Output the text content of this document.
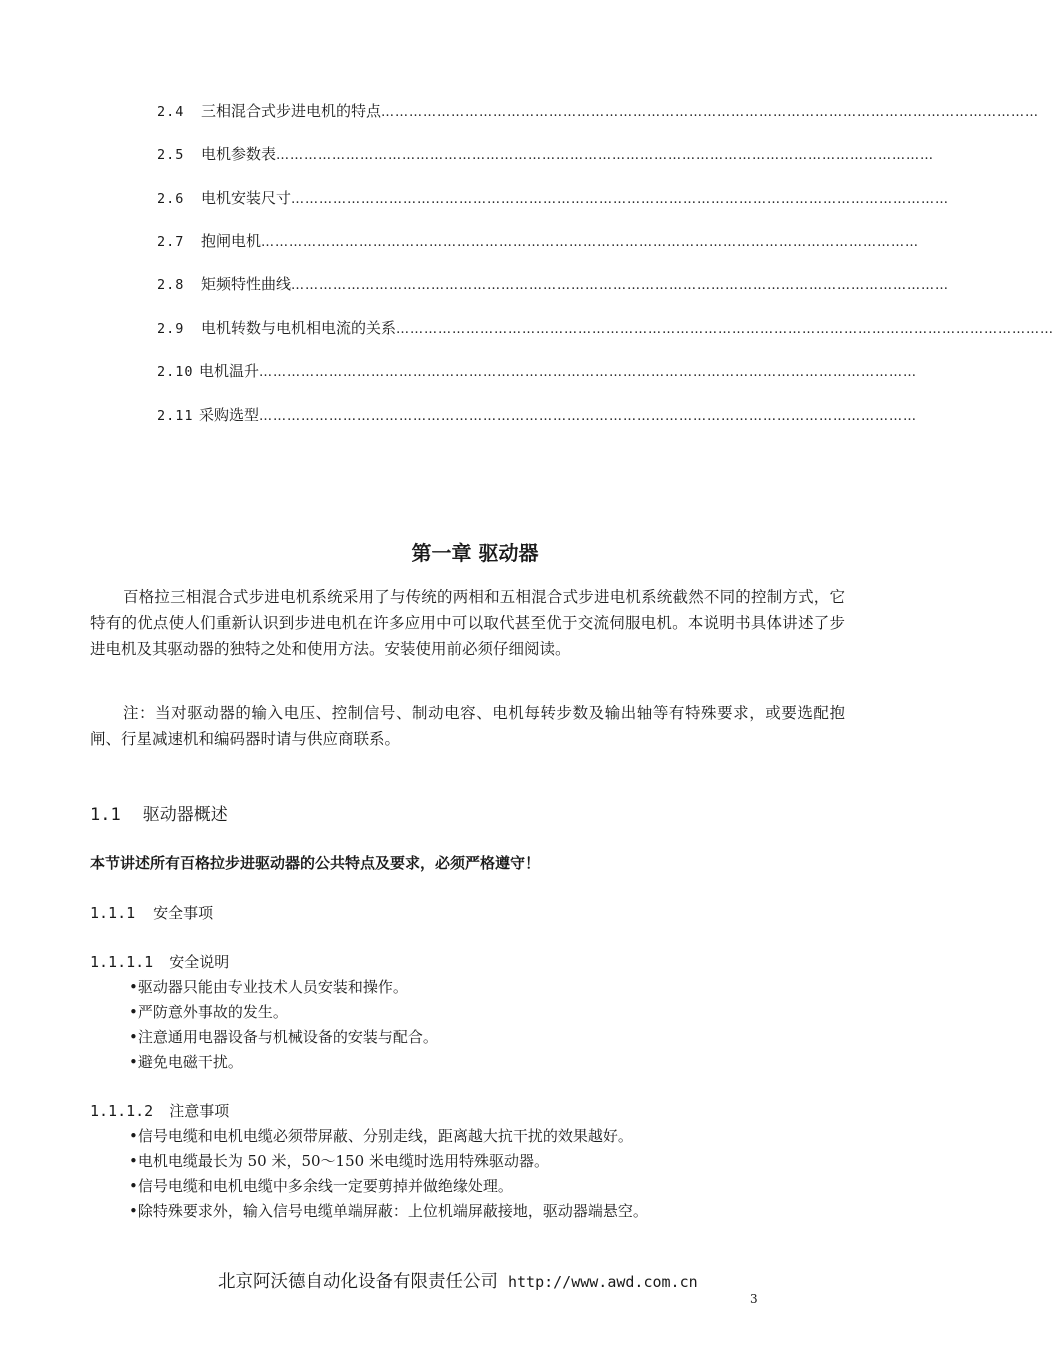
2.4	三相混合式步进电机的特点 ……………………………………………………………………………………………………………………………
2.5	电机参数表 ……………………………………………………………………………………………………………………………
2.6	电机安装尺寸 ……………………………………………………………………………………………………………………………
2.7	抱闸电机 ……………………………………………………………………………………………………………………………
2.8	矩频特性曲线 ……………………………………………………………………………………………………………………………
2.9	电机转数与电机相电流的关系 ……………………………………………………………………………………………………………………………
2.10 电机温升 ……………………………………………………………………………………………………………………………
2.11 采购选型 ……………………………………………………………………………………………………………………………
第一章 驱动器

百格拉三相混合式步进电机系统采用了与传统的两相和五相混合式步进电机系统截然不同的控制方式，它特有的优点使人们重新认识到步进电机在许多应用中可以取代甚至优于交流伺服电机。本说明书具体讲述了步进电机及其驱动器的独特之处和使用方法。安装使用前必须仔细阅读。

注：当对驱动器的输入电压、控制信号、制动电容、电机每转步数及输出轴等有特殊要求，或要选配抱闸、行星减速机和编码器时请与供应商联系。

1.1 驱动器概述
本节讲述所有百格拉步进驱动器的公共特点及要求，必须严格遵守！
1.1.1 安全事项
1.1.1.1 安全说明
•驱动器只能由专业技术人员安装和操作。
•严防意外事故的发生。
•注意通用电器设备与机械设备的安装与配合。
•避免电磁干扰。
1.1.1.2 注意事项
•信号电缆和电机电缆必须带屏蔽、分别走线，距离越大抗干扰的效果越好。
•电机电缆最长为 50 米，50～150 米电缆时选用特殊驱动器。
•信号电缆和电机电缆中多余线一定要剪掉并做绝缘处理。
•除特殊要求外，输入信号电缆单端屏蔽：上位机端屏蔽接地，驱动器端悬空。
北京阿沃德自动化设备有限责任公司 http://www.awd.com.cn
3
